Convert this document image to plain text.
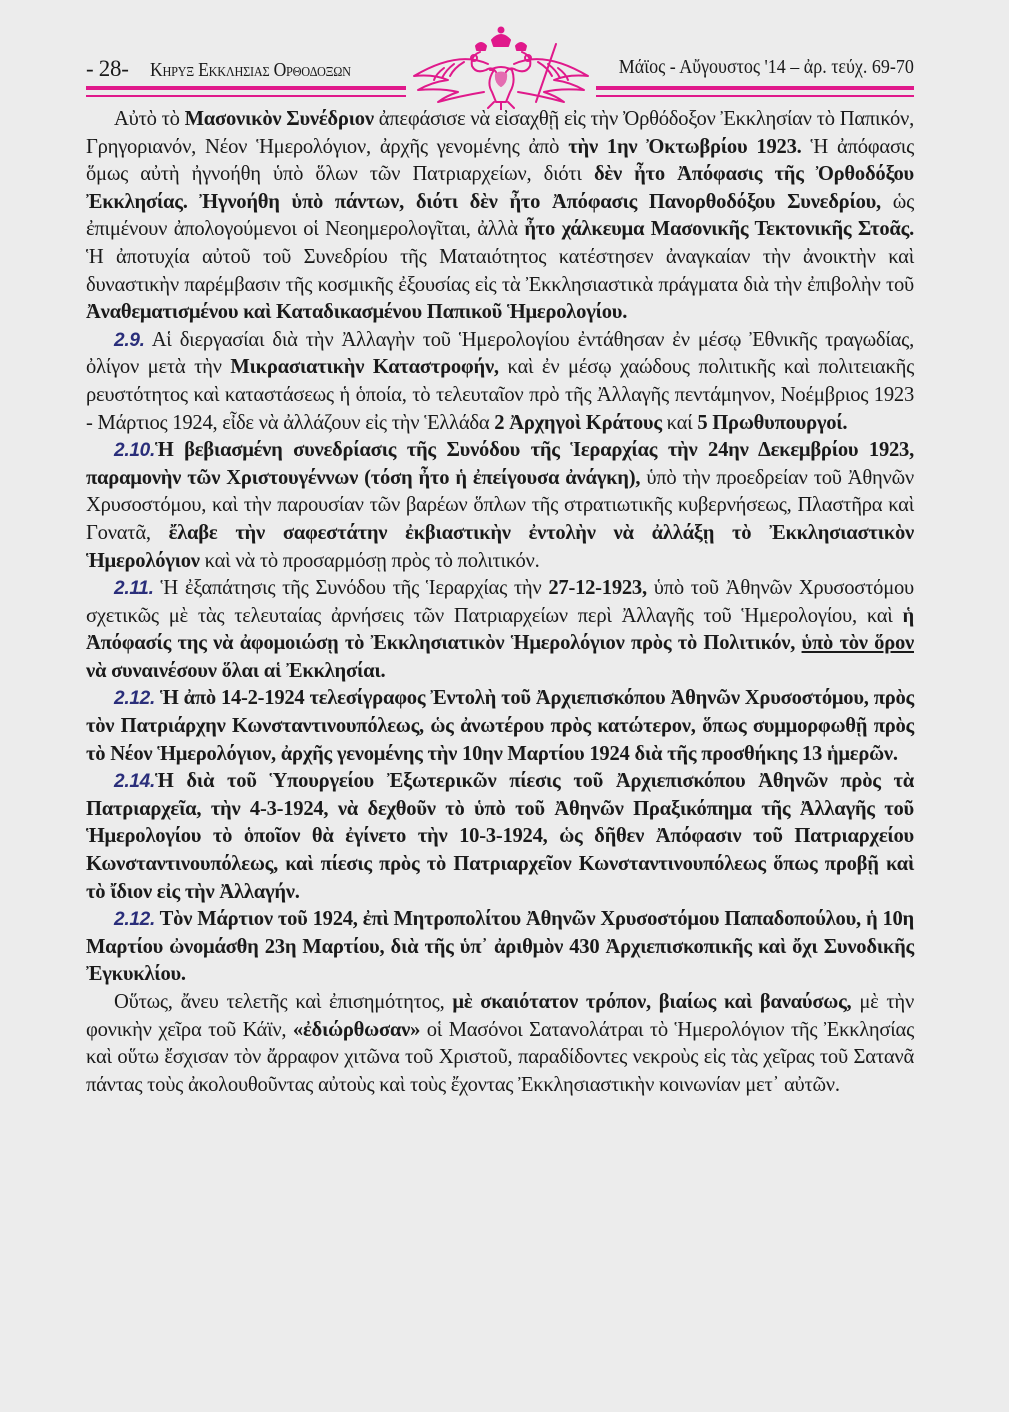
- 28- Κηρυξ Εκκλησιας Ορθοδοξων	Μάϊος - Αὔγουστος '14 – ἀρ. τεύχ. 69-70

Αὐτὸ τὸ Μασονικὸν Συνέδριον ἀπεφάσισε νὰ εἰσαχθῇ εἰς τὴν Ὀρθόδοξον Ἐκκλησίαν τὸ Παπικόν, Γρηγοριανόν, Νέον Ἡμερολόγιον, ἀρχῆς γενομένης ἀπὸ τὴν 1ην Ὀκτωβρίου 1923. Ἡ ἀπόφασις ὅμως αὐτὴ ἠγνοήθη ὑπὸ ὅλων τῶν Πατριαρχείων, διότι δὲν ἦτο Ἀπόφασις τῆς Ὀρθοδόξου Ἐκκλησίας. Ἠγνοήθη ὑπὸ πάντων, διότι δὲν ἦτο Ἀπόφασις Πανορθοδόξου Συνεδρίου, ὡς ἐπιμένουν ἀπολογούμενοι οἱ Νεοημερολογῖται, ἀλλὰ ἦτο χάλκευμα Μασονικῆς Τεκτονικῆς Στοᾶς. Ἡ ἀποτυχία αὐτοῦ τοῦ Συνεδρίου τῆς Ματαιότητος κατέστησεν ἀναγκαίαν τὴν ἀνοικτὴν καὶ δυναστικὴν παρέμβασιν τῆς κοσμικῆς ἐξουσίας εἰς τὰ Ἐκκλησιαστικὰ πράγματα διὰ τὴν ἐπιβολὴν τοῦ Ἀναθεματισμένου καὶ Καταδικασμένου Παπικοῦ Ἡμερολογίου.

2.9. Αἱ διεργασίαι διὰ τὴν Ἀλλαγὴν τοῦ Ἡμερολογίου ἐντάθησαν ἐν μέσῳ Ἐθνικῆς τραγωδίας, ὀλίγον μετὰ τὴν Μικρασιατικὴν Καταστροφήν, καὶ ἐν μέσῳ χαώδους πολιτικῆς καὶ πολιτειακῆς ρευστότητος καὶ καταστάσεως ἡ ὁποία, τὸ τελευταῖον πρὸ τῆς Ἀλλαγῆς πεντάμηνον, Νοέμβριος 1923 - Μάρτιος 1924, εἶδε νὰ ἀλλάζουν εἰς τὴν Ἑλλάδα 2 Ἀρχηγοὶ Κράτους καί 5 Πρωθυπουργοί.

2.10.Ἡ βεβιασμένη συνεδρίασις τῆς Συνόδου τῆς Ἱεραρχίας τὴν 24ην Δεκεμβρίου 1923, παραμονὴν τῶν Χριστουγέννων (τόση ἦτο ἡ ἐπείγουσα ἀνάγκη), ὑπὸ τὴν προεδρείαν τοῦ Ἀθηνῶν Χρυσοστόμου, καὶ τὴν παρουσίαν τῶν βαρέων ὅπλων τῆς στρατιωτικῆς κυβερνήσεως, Πλαστῆρα καὶ Γονατᾶ, ἔλαβε τὴν σαφεστάτην ἐκβιαστικὴν ἐντολὴν νὰ ἀλλάξῃ τὸ Ἐκκλησιαστικὸν Ἡμερολόγιον καὶ νὰ τὸ προσαρμόσῃ πρὸς τὸ πολιτικόν.

2.11. Ἡ ἐξαπάτησις τῆς Συνόδου τῆς Ἱεραρχίας τὴν 27-12-1923, ὑπὸ τοῦ Ἀθηνῶν Χρυσοστόμου σχετικῶς μὲ τὰς τελευταίας ἀρνήσεις τῶν Πατριαρχείων περὶ Ἀλλαγῆς τοῦ Ἡμερολογίου, καὶ ἡ Ἀπόφασίς της νὰ ἀφομοιώσῃ τὸ Ἐκκλησιατικὸν Ἡμερολόγιον πρὸς τὸ Πολιτικόν, ὑπὸ τὸν ὅρον νὰ συναινέσουν ὅλαι αἱ Ἐκκλησίαι.

2.12. Ἡ ἀπὸ 14-2-1924 τελεσίγραφος Ἐντολὴ τοῦ Ἀρχιεπισκόπου Ἀθηνῶν Χρυσοστόμου, πρὸς τὸν Πατριάρχην Κωνσταντινουπόλεως, ὡς ἀνωτέρου πρὸς κατώτερον, ὅπως συμμορφωθῇ πρὸς τὸ Νέον Ἡμερολόγιον, ἀρχῆς γενομένης τὴν 10ην Μαρτίου 1924 διὰ τῆς προσθήκης 13 ἡμερῶν.

2.14.Ἡ διὰ τοῦ Ὑπουργείου Ἐξωτερικῶν πίεσις τοῦ Ἀρχιεπισκόπου Ἀθηνῶν πρὸς τὰ Πατριαρχεῖα, τὴν 4-3-1924, νὰ δεχθοῦν τὸ ὑπὸ τοῦ Ἀθηνῶν Πραξικόπημα τῆς Ἀλλαγῆς τοῦ Ἡμερολογίου τὸ ὁποῖον θὰ ἐγίνετο τὴν 10-3-1924, ὡς δῆθεν Ἀπόφασιν τοῦ Πατριαρχείου Κωνσταντινουπόλεως, καὶ πίεσις πρὸς τὸ Πατριαρχεῖον Κωνσταντινουπόλεως ὅπως προβῇ καὶ τὸ ἴδιον εἰς τὴν Ἀλλαγήν.

2.12. Τὸν Μάρτιον τοῦ 1924, ἐπὶ Μητροπολίτου Ἀθηνῶν Χρυσοστόμου Παπαδοπούλου, ἡ 10η Μαρτίου ὠνομάσθη 23η Μαρτίου, διὰ τῆς ὑπ᾽ ἀριθμὸν 430 Ἀρχιεπισκοπικῆς καὶ ὄχι Συνοδικῆς Ἐγκυκλίου.

Οὕτως, ἄνευ τελετῆς καὶ ἐπισημότητος, μὲ σκαιότατον τρόπον, βιαίως καὶ βαναύσως, μὲ τὴν φονικὴν χεῖρα τοῦ Κάϊν, «ἐδιώρθωσαν» οἱ Μασόνοι Σατανολάτραι τὸ Ἡμερολόγιον τῆς Ἐκκλησίας καὶ οὕτω ἔσχισαν τὸν ἄρραφον χιτῶνα τοῦ Χριστοῦ, παραδίδοντες νεκροὺς εἰς τὰς χεῖρας τοῦ Σατανᾶ πάντας τοὺς ἀκολουθοῦντας αὐτοὺς καὶ τοὺς ἔχοντας Ἐκκλησιαστικὴν κοινωνίαν μετ᾽ αὐτῶν.
